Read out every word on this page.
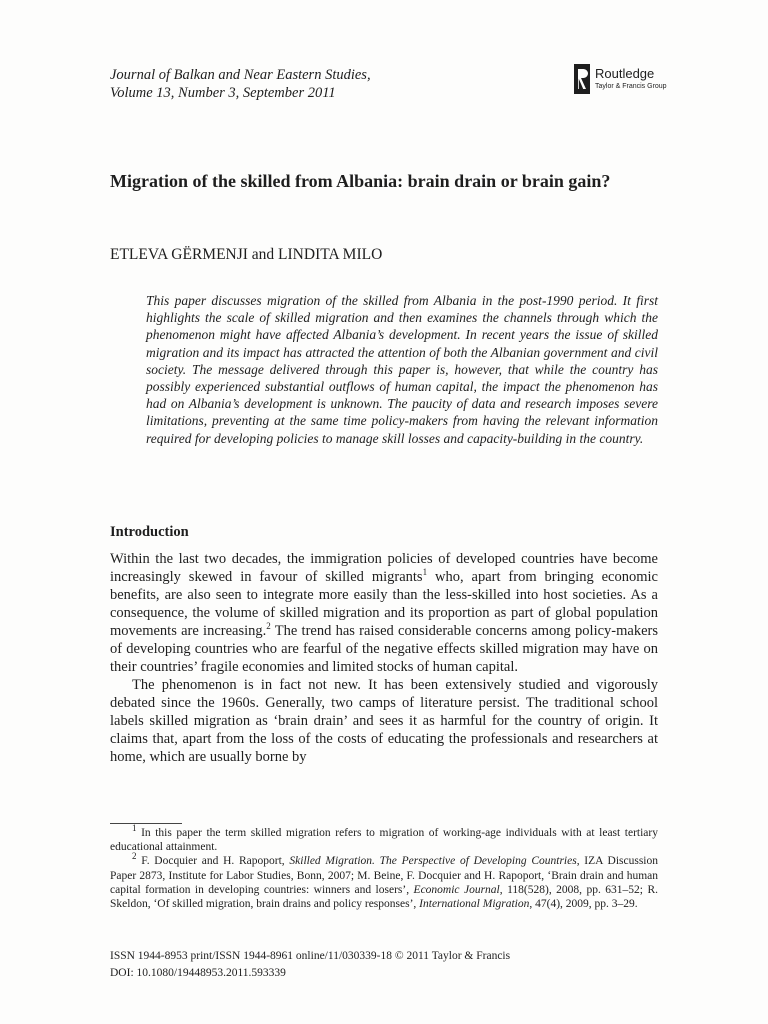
Journal of Balkan and Near Eastern Studies,
Volume 13, Number 3, September 2011
Routledge
Taylor & Francis Group
Migration of the skilled from Albania: brain drain or brain gain?
ETLEVA GËRMENJI and LINDITA MILO
This paper discusses migration of the skilled from Albania in the post-1990 period. It first highlights the scale of skilled migration and then examines the channels through which the phenomenon might have affected Albania’s development. In recent years the issue of skilled migration and its impact has attracted the attention of both the Albanian government and civil society. The message delivered through this paper is, however, that while the country has possibly experienced substantial outflows of human capital, the impact the phenomenon has had on Albania’s development is unknown. The paucity of data and research imposes severe limitations, preventing at the same time policy-makers from having the relevant information required for developing policies to manage skill losses and capacity-building in the country.
Introduction

Within the last two decades, the immigration policies of developed countries have become increasingly skewed in favour of skilled migrants$^1$ who, apart from bringing economic benefits, are also seen to integrate more easily than the less-skilled into host societies. As a consequence, the volume of skilled migration and its proportion as part of global population movements are increasing.$^2$ The trend has raised considerable concerns among policy-makers of developing countries who are fearful of the negative effects skilled migration may have on their countries’ fragile economies and limited stocks of human capital.

The phenomenon is in fact not new. It has been extensively studied and vigorously debated since the 1960s. Generally, two camps of literature persist. The traditional school labels skilled migration as ‘brain drain’ and sees it as harmful for the country of origin. It claims that, apart from the loss of the costs of educating the professionals and researchers at home, which are usually borne by

$^1$ In this paper the term skilled migration refers to migration of working-age individuals with at least tertiary educational attainment.

$^2$ F. Docquier and H. Rapoport, Skilled Migration. The Perspective of Developing Countries, IZA Discussion Paper 2873, Institute for Labor Studies, Bonn, 2007; M. Beine, F. Docquier and H. Rapoport, ‘Brain drain and human capital formation in developing countries: winners and losers’, Economic Journal, 118(528), 2008, pp. 631–52; R. Skeldon, ‘Of skilled migration, brain drains and policy responses’, International Migration, 47(4), 2009, pp. 3–29.

ISSN 1944-8953 print/ISSN 1944-8961 online/11/030339-18 © 2011 Taylor & Francis
DOI: 10.1080/19448953.2011.593339
